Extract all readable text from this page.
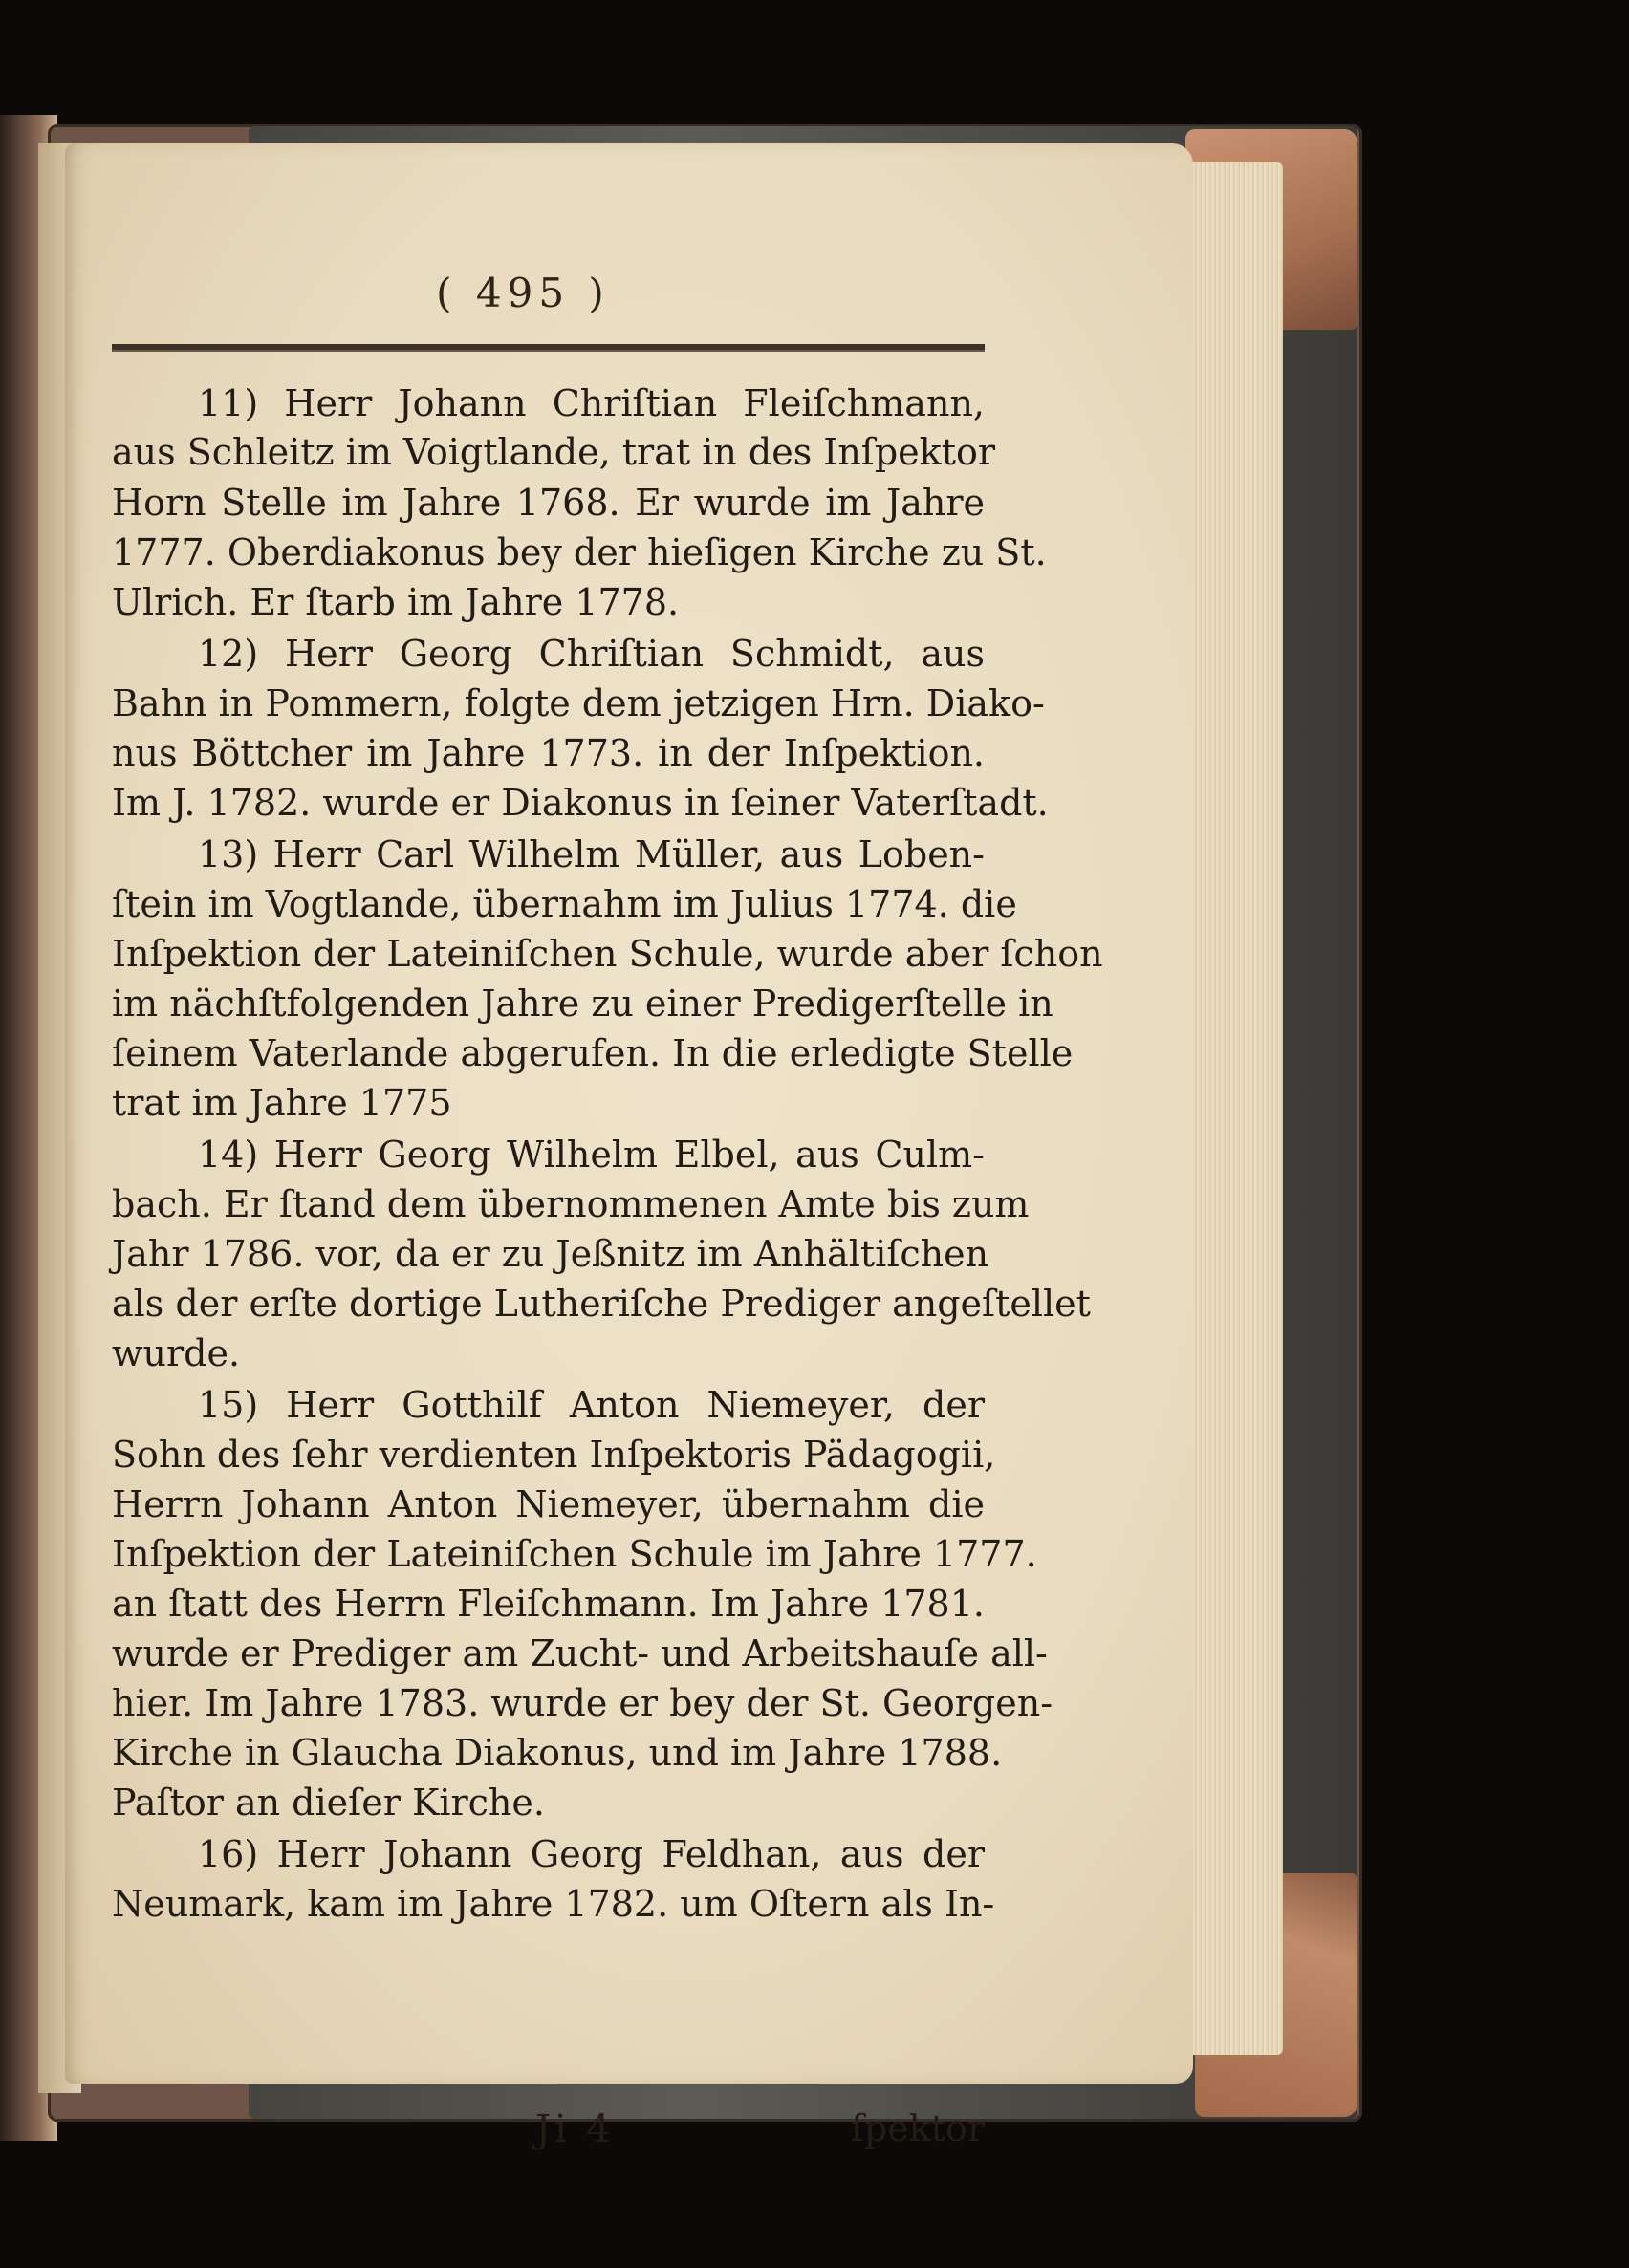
( 495 )
11) Herr Johann Chriſtian Fleiſchmann,
aus Schleitz im Voigtlande, trat in des Inſpektor
Horn Stelle im Jahre 1768. Er wurde im Jahre
1777. Oberdiakonus bey der hieſigen Kirche zu St.
Ulrich. Er ſtarb im Jahre 1778.
12) Herr Georg Chriſtian Schmidt, aus
Bahn in Pommern, folgte dem jetzigen Hrn. Diako-
nus Böttcher im Jahre 1773. in der Inſpektion.
Im J. 1782. wurde er Diakonus in ſeiner Vaterſtadt.
13) Herr Carl Wilhelm Müller, aus Loben-
ſtein im Vogtlande, übernahm im Julius 1774. die
Inſpektion der Lateiniſchen Schule, wurde aber ſchon
im nächſtfolgenden Jahre zu einer Predigerſtelle in
ſeinem Vaterlande abgerufen. In die erledigte Stelle
trat im Jahre 1775
14) Herr Georg Wilhelm Elbel, aus Culm-
bach. Er ſtand dem übernommenen Amte bis zum
Jahr 1786. vor, da er zu Jeßnitz im Anhältiſchen
als der erſte dortige Lutheriſche Prediger angeſtellet
wurde.
15) Herr Gotthilf Anton Niemeyer, der
Sohn des ſehr verdienten Inſpektoris Pädagogii,
Herrn Johann Anton Niemeyer, übernahm die
Inſpektion der Lateiniſchen Schule im Jahre 1777.
an ſtatt des Herrn Fleiſchmann. Im Jahre 1781.
wurde er Prediger am Zucht- und Arbeitshauſe all-
hier. Im Jahre 1783. wurde er bey der St. Georgen-
Kirche in Glaucha Diakonus, und im Jahre 1788.
Paſtor an dieſer Kirche.
16) Herr Johann Georg Feldhan, aus der
Neumark, kam im Jahre 1782. um Oſtern als In-
Ji 4	ſpektor
